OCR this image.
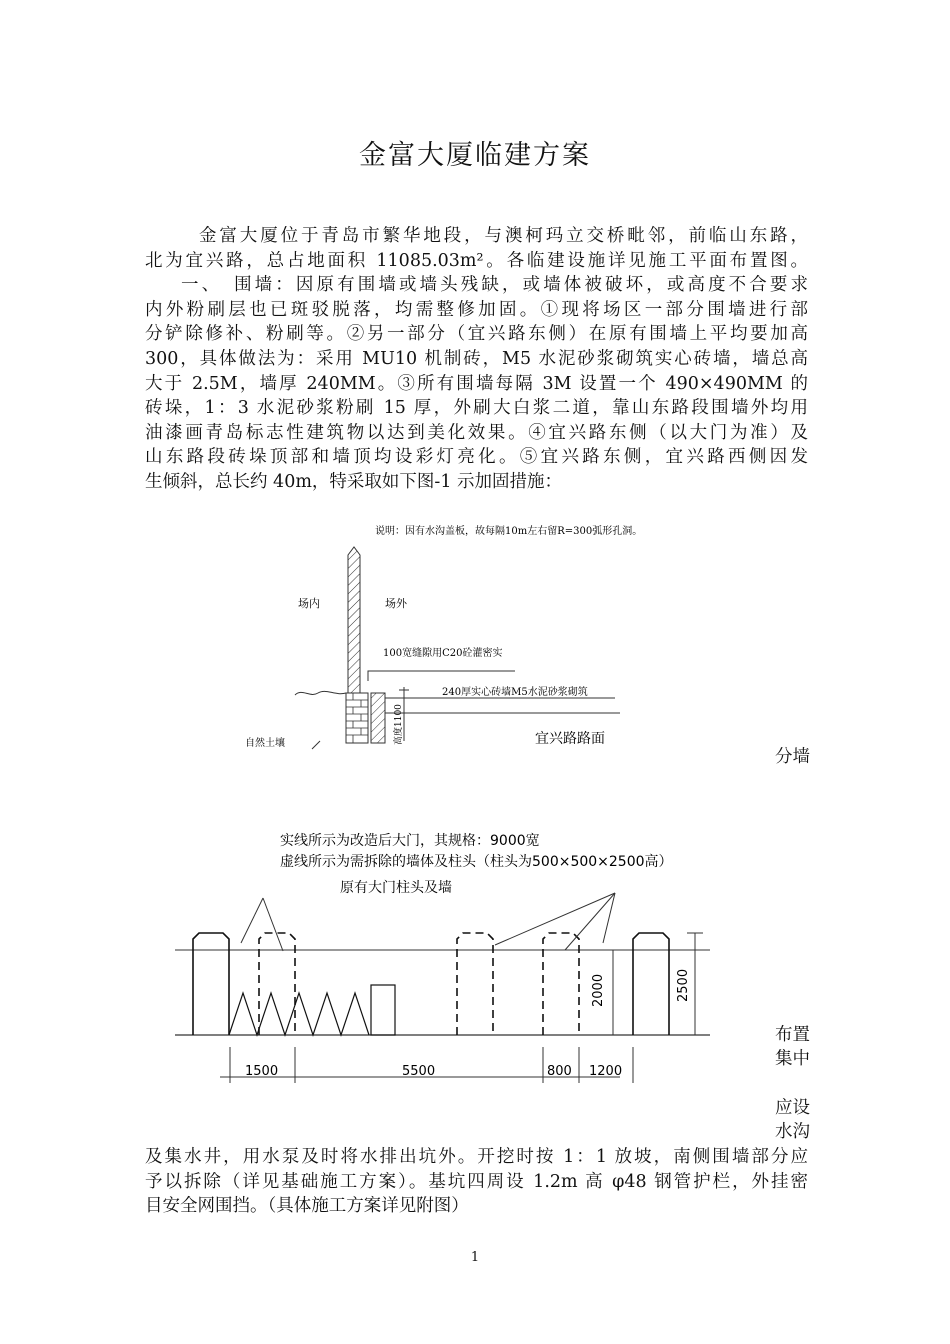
金富大厦临建方案
金富大厦位于青岛市繁华地段，与澳柯玛立交桥毗邻，前临山东路，
北为宜兴路，总占地面积 11085.03m²。各临建设施详见施工平面布置图。
一、　围墙：因原有围墙或墙头残缺，或墙体被破坏，或高度不合要求
内外粉刷层也已斑驳脱落，均需整修加固。①现将场区一部分围墙进行部
分铲除修补、粉刷等。②另一部分（宜兴路东侧）在原有围墙上平均要加高
300，具体做法为：采用 MU10 机制砖，M5 水泥砂浆砌筑实心砖墙，墙总高
大于 2.5M，墙厚 240MM。③所有围墙每隔 3M 设置一个 490×490MM 的
砖垛，1：3 水泥砂浆粉刷 15 厚，外刷大白浆二道，靠山东路段围墙外均用
油漆画青岛标志性建筑物以达到美化效果。④宜兴路东侧（以大门为准）及
山东路段砖垛顶部和墙顶均设彩灯亮化。⑤宜兴路东侧，宜兴路西侧因发
生倾斜，总长约 40m，特采取如下图-1 示加固措施：
说明：因有水沟盖板，故每隔10m左右留R=300弧形孔洞。
场内	场外
100宽缝隙用C20砼灌密实
240厚实心砖墙M5水泥砂浆砌筑
高度1100
自然土壤	宜兴路路面
分墙
实线所示为改造后大门，其规格：9000宽
虚线所示为需拆除的墙体及柱头（柱头为500×500×2500高）
原有大门柱头及墙
2000	2500
1500	5500	800 1200
布置
集中
应设
水沟
及集水井，用水泵及时将水排出坑外。开挖时按 1：1 放坡，南侧围墙部分应
予以拆除（详见基础施工方案）。基坑四周设 1.2m 高 φ48 钢管护栏，外挂密
目安全网围挡。（具体施工方案详见附图）
1
